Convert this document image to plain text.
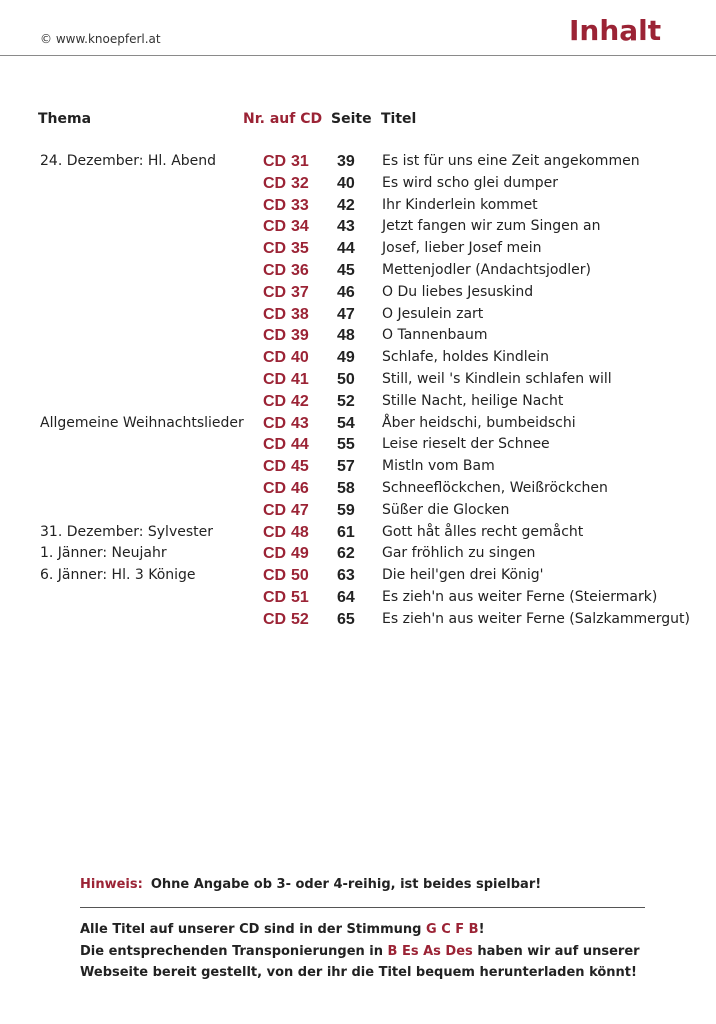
© www.knoepferl.at	Inhalt
Thema	Nr. auf CD Seite Titel
24. Dezember: Hl. Abend	CD 31 39 Es ist für uns eine Zeit angekommen
CD 32 40 Es wird scho glei dumper
CD 33 42 Ihr Kinderlein kommet
CD 34 43 Jetzt fangen wir zum Singen an
CD 35 44 Josef, lieber Josef mein
CD 36 45 Mettenjodler (Andachtsjodler)
CD 37 46 O Du liebes Jesuskind
CD 38 47 O Jesulein zart
CD 39 48 O Tannenbaum
CD 40 49 Schlafe, holdes Kindlein
CD 41 50 Still, weil 's Kindlein schlafen will
CD 42 52 Stille Nacht, heilige Nacht
Allgemeine Weihnachtslieder CD 43 54 Åber heidschi, bumbeidschi
CD 44 55 Leise rieselt der Schnee
CD 45 57 Mistln vom Bam
CD 46 58 Schneeflöckchen, Weißröckchen
CD 47 59 Süßer die Glocken
31. Dezember: Sylvester	CD 48 61 Gott håt ålles recht gemåcht
1. Jänner: Neujahr	CD 49 62 Gar fröhlich zu singen
6. Jänner: Hl. 3 Könige	CD 50 63 Die heil'gen drei König'
CD 51 64 Es zieh'n aus weiter Ferne (Steiermark)
CD 52 65 Es zieh'n aus weiter Ferne (Salzkammergut)
Hinweis: Ohne Angabe ob 3- oder 4-reihig, ist beides spielbar!
Alle Titel auf unserer CD sind in der Stimmung G C F B!
Die entsprechenden Transponierungen in B Es As Des haben wir auf unserer
Webseite bereit gestellt, von der ihr die Titel bequem herunterladen könnt!
